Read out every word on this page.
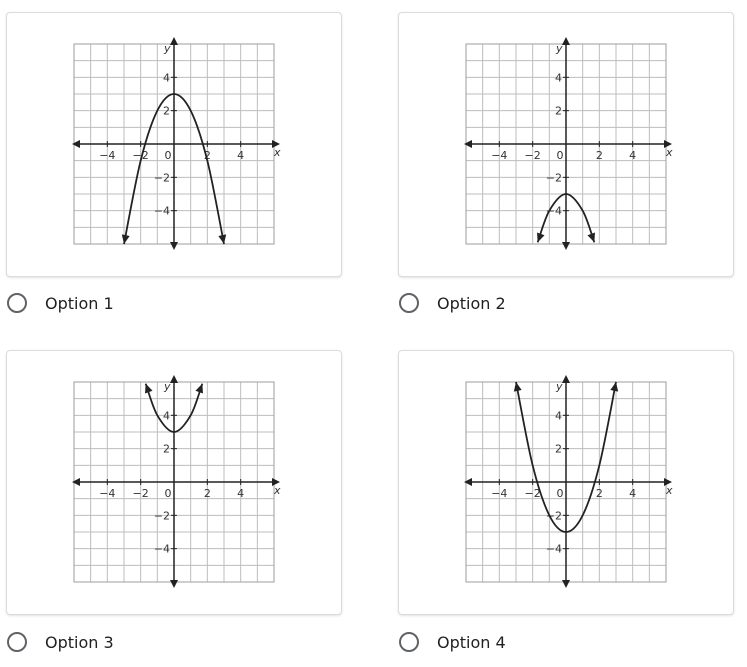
−4 −2 0	2 4
4
2
−2
−4
x
y
Option 1
−4 −2 0	2 4
4
2
−2
−4
x
y
Option 2
−4 −2 0	2 4
4
2
−2
−4
x
y
Option 3
−4 −2 0	2 4
4
2
−2
−4
x
y
Option 4
